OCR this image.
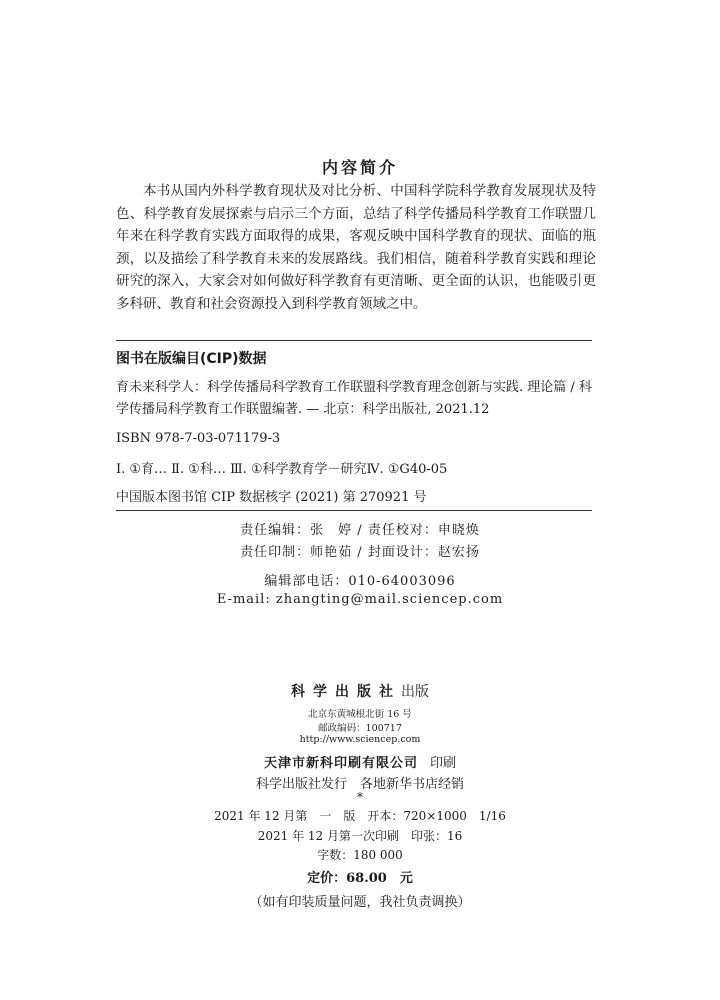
内容简介

本书从国内外科学教育现状及对比分析、中国科学院科学教育发展现状及特色、科学教育发展探索与启示三个方面，总结了科学传播局科学教育工作联盟几年来在科学教育实践方面取得的成果，客观反映中国科学教育的现状、面临的瓶颈，以及描绘了科学教育未来的发展路线。我们相信，随着科学教育实践和理论研究的深入，大家会对如何做好科学教育有更清晰、更全面的认识，也能吸引更多科研、教育和社会资源投入到科学教育领域之中。

图书在版编目(CIP)数据

育未来科学人：科学传播局科学教育工作联盟科学教育理念创新与实践. 理论篇 / 科学传播局科学教育工作联盟编著. — 北京：科学出版社, 2021.12

ISBN 978-7-03-071179-3
Ⅰ. ①育… Ⅱ. ①科… Ⅲ. ①科学教育学－研究Ⅳ. ①G40-05
中国版本图书馆 CIP 数据核字 (2021) 第 270921 号
责任编辑：张　婷 / 责任校对：申晓焕
责任印制：师艳茹 / 封面设计：赵宏扬
编辑部电话：010-64003096
E-mail: zhangting@mail.sciencep.com
科学出版社出版
北京东黄城根北街 16 号
邮政编码：100717
http://www.sciencep.com
天津市新科印刷有限公司 印刷
科学出版社发行　各地新华书店经销
*
2021 年 12 月第　一　版　开本：720×1000　1/16
2021 年 12 月第一次印刷　印张：16
字数：180 000
定价：68.00　元
（如有印装质量问题，我社负责调换）
